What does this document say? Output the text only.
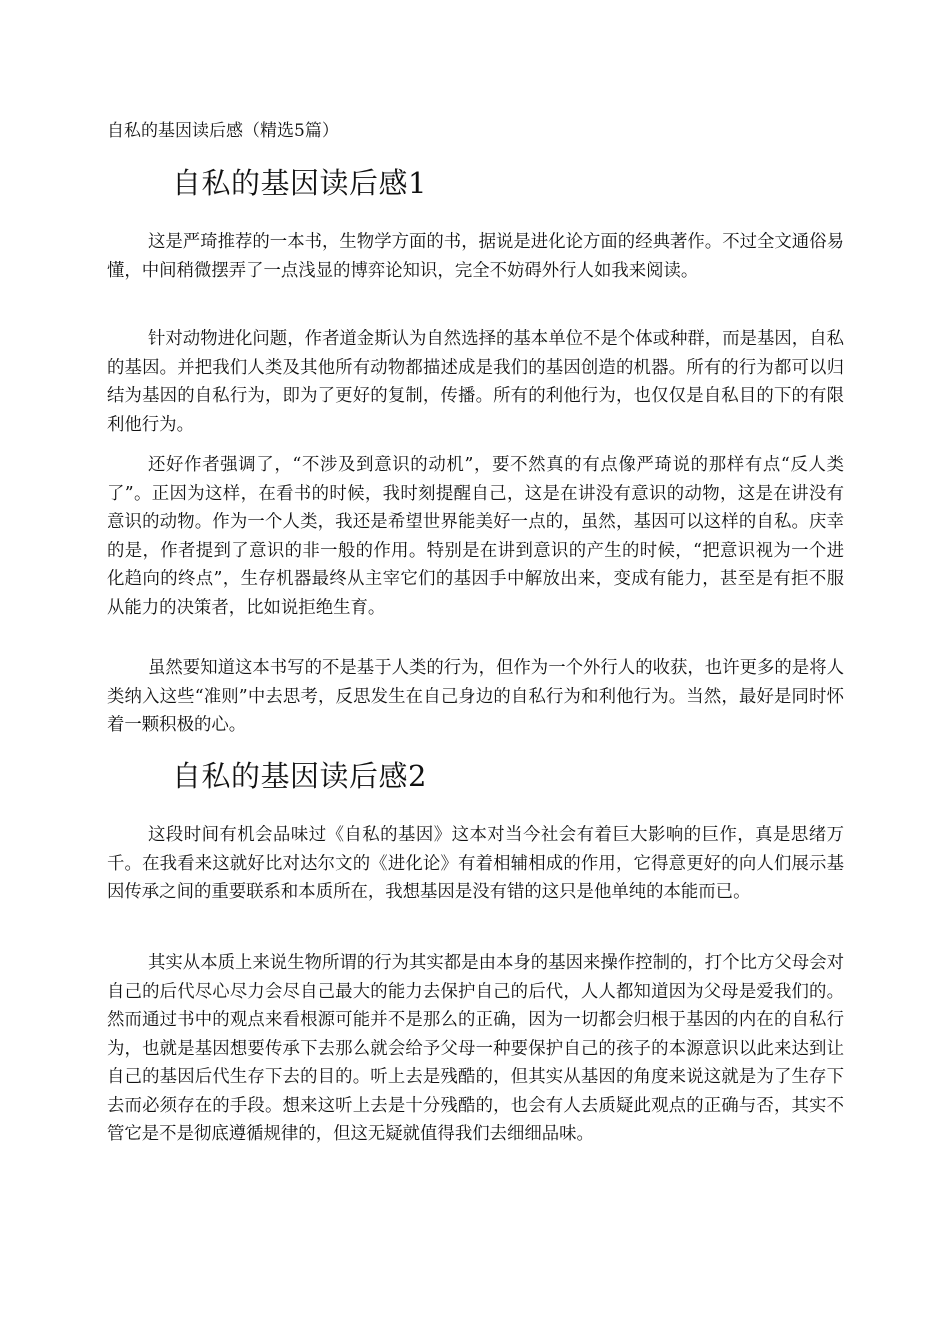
自私的基因读后感（精选5篇）
自私的基因读后感1

这是严琦推荐的一本书，生物学方面的书，据说是进化论方面的经典著作。不过全文通俗易懂，中间稍微摆弄了一点浅显的博弈论知识，完全不妨碍外行人如我来阅读。

针对动物进化问题，作者道金斯认为自然选择的基本单位不是个体或种群，而是基因，自私的基因。并把我们人类及其他所有动物都描述成是我们的基因创造的机器。所有的行为都可以归结为基因的自私行为，即为了更好的复制，传播。所有的利他行为，也仅仅是自私目的下的有限利他行为。

还好作者强调了，“不涉及到意识的动机”，要不然真的有点像严琦说的那样有点“反人类了”。正因为这样，在看书的时候，我时刻提醒自己，这是在讲没有意识的动物，这是在讲没有意识的动物。作为一个人类，我还是希望世界能美好一点的，虽然，基因可以这样的自私。庆幸的是，作者提到了意识的非一般的作用。特别是在讲到意识的产生的时候，“把意识视为一个进化趋向的终点”，生存机器最终从主宰它们的基因手中解放出来，变成有能力，甚至是有拒不服从能力的决策者，比如说拒绝生育。

虽然要知道这本书写的不是基于人类的行为，但作为一个外行人的收获，也许更多的是将人类纳入这些“准则”中去思考，反思发生在自己身边的自私行为和利他行为。当然，最好是同时怀着一颗积极的心。

自私的基因读后感2

这段时间有机会品味过《自私的基因》这本对当今社会有着巨大影响的巨作，真是思绪万千。在我看来这就好比对达尔文的《进化论》有着相辅相成的作用，它得意更好的向人们展示基因传承之间的重要联系和本质所在，我想基因是没有错的这只是他单纯的本能而已。

其实从本质上来说生物所谓的行为其实都是由本身的基因来操作控制的，打个比方父母会对自己的后代尽心尽力会尽自己最大的能力去保护自己的后代，人人都知道因为父母是爱我们的。然而通过书中的观点来看根源可能并不是那么的正确，因为一切都会归根于基因的内在的自私行为，也就是基因想要传承下去那么就会给予父母一种要保护自己的孩子的本源意识以此来达到让自己的基因后代生存下去的目的。听上去是残酷的，但其实从基因的角度来说这就是为了生存下去而必须存在的手段。想来这听上去是十分残酷的，也会有人去质疑此观点的正确与否，其实不管它是不是彻底遵循规律的，但这无疑就值得我们去细细品味。
